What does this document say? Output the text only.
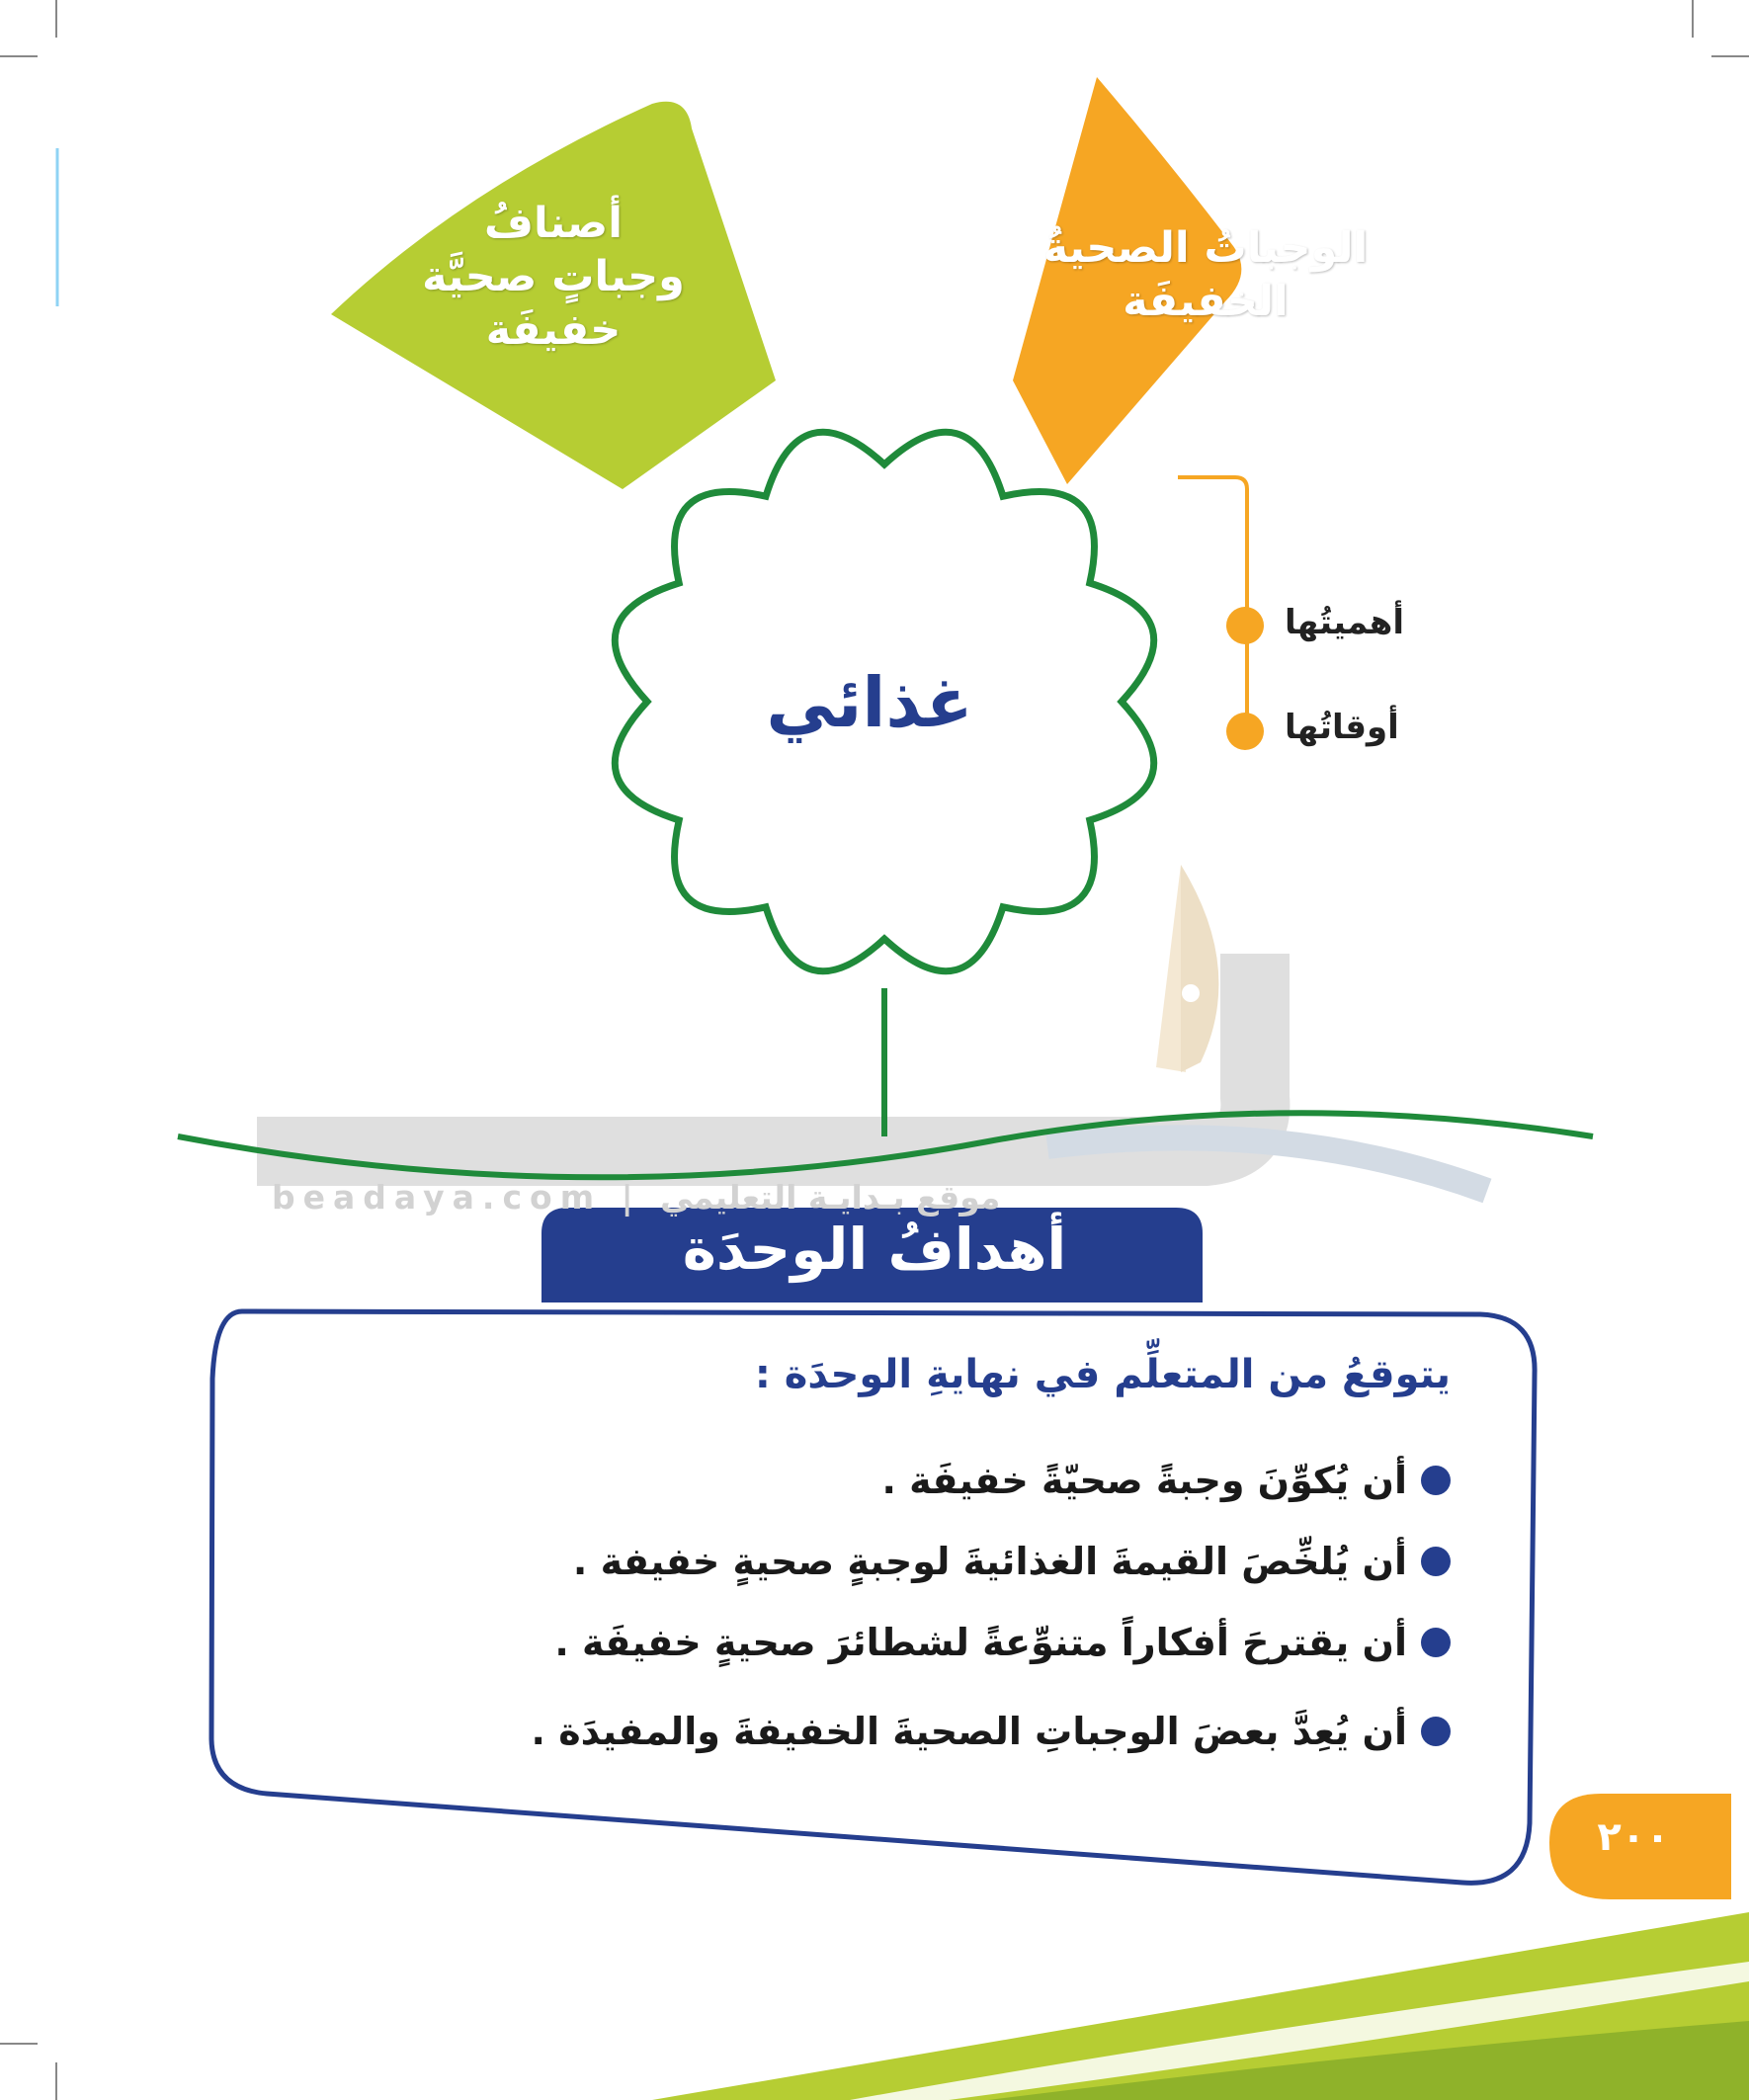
أصنافُ
وجباتٍ صحيَّة
خفيفَة
الوجباتُ الصحيةُ
الخفيفَة
غذائي
أهميتُها
أوقاتُها
beadaya.com | موقع بـدايـة التعليمي
أهدافُ الوحدَة
يتوقعُ من المتعلِّم في نهايةِ الوحدَة :
أن يُكوِّنَ وجبةً صحيّةً خفيفَة .
أن يُلخِّصَ القيمةَ الغذائيةَ لوجبةٍ صحيةٍ خفيفة .
أن يقترحَ أفكاراً متنوِّعةً لشطائرَ صحيةٍ خفيفَة .
أن يُعِدَّ بعضَ الوجباتِ الصحيةَ الخفيفةَ والمفيدَة .
٢٠٠
